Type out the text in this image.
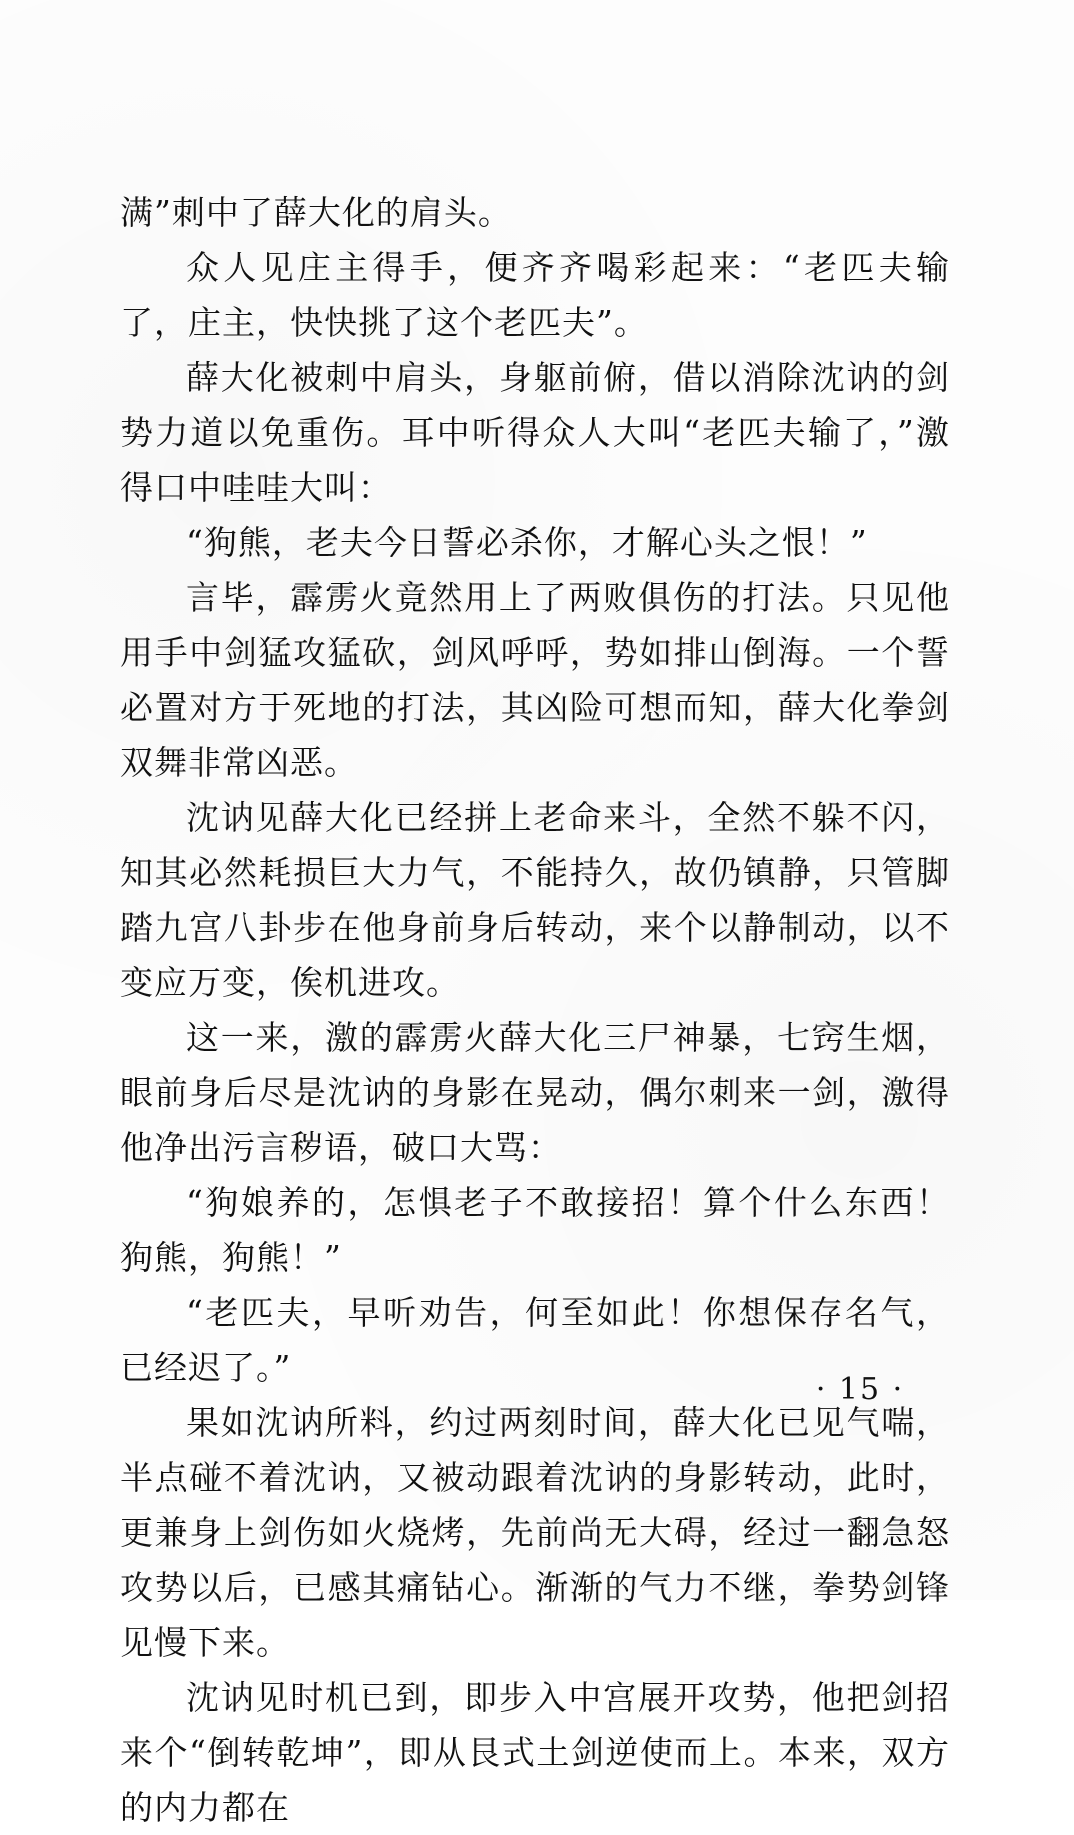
满”刺中了薛大化的肩头。

众人见庄主得手，便齐齐喝彩起来：“老匹夫输了，庄主，快快挑了这个老匹夫”。

薛大化被刺中肩头，身躯前俯，借以消除沈讷的剑势力道以免重伤。耳中听得众人大叫“老匹夫输了，”激得口中哇哇大叫：

“狗熊，老夫今日誓必杀你，才解心头之恨！”

言毕，霹雳火竟然用上了两败俱伤的打法。只见他用手中剑猛攻猛砍，剑风呼呼，势如排山倒海。一个誓必置对方于死地的打法，其凶险可想而知，薛大化拳剑双舞非常凶恶。

沈讷见薛大化已经拼上老命来斗，全然不躲不闪，知其必然耗损巨大力气，不能持久，故仍镇静，只管脚踏九宫八卦步在他身前身后转动，来个以静制动，以不变应万变，俟机进攻。

这一来，激的霹雳火薛大化三尸神暴，七窍生烟，眼前身后尽是沈讷的身影在晃动，偶尔刺来一剑，激得他净出污言秽语，破口大骂：

“狗娘养的，怎惧老子不敢接招！算个什么东西！狗熊，狗熊！”

“老匹夫，早听劝告，何至如此！你想保存名气，已经迟了。”

果如沈讷所料，约过两刻时间，薛大化已见气喘，半点碰不着沈讷，又被动跟着沈讷的身影转动，此时，更兼身上剑伤如火烧烤，先前尚无大碍，经过一翻急怒攻势以后，已感其痛钻心。渐渐的气力不继，拳势剑锋见慢下来。

沈讷见时机已到，即步入中宫展开攻势，他把剑招来个“倒转乾坤”，即从艮式土剑逆使而上。本来，双方的内力都在

· 15 ·
